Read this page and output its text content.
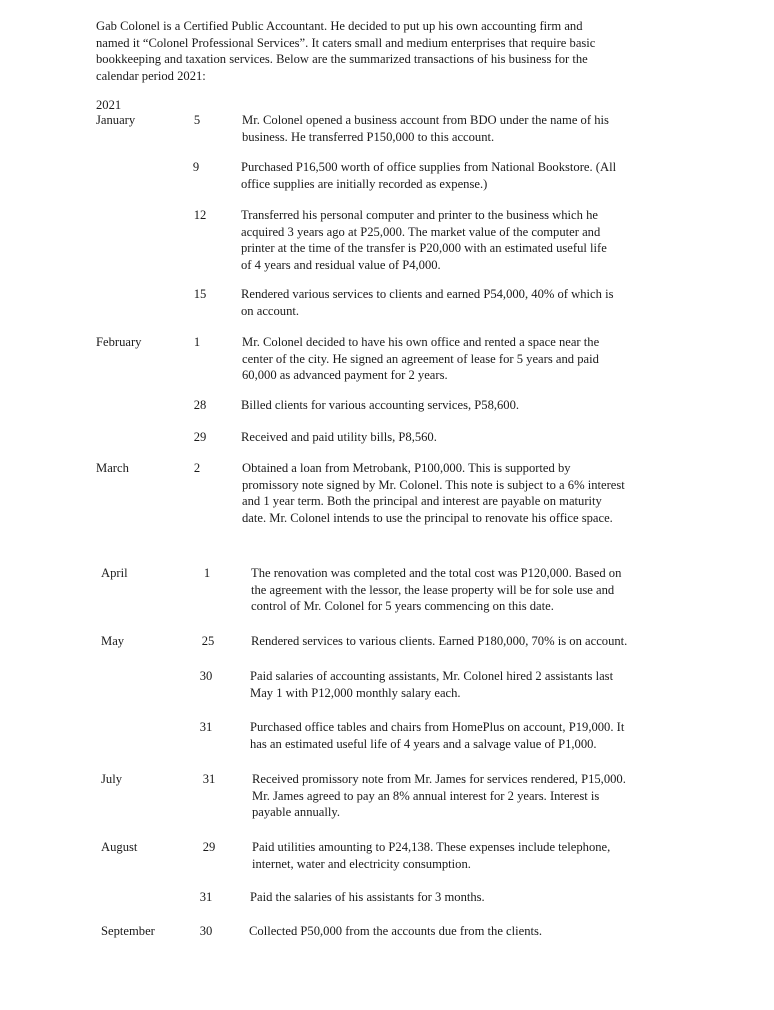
Gab Colonel is a Certified Public Accountant. He decided to put up his own accounting firm and
named it “Colonel Professional Services”. It caters small and medium enterprises that require basic
bookkeeping and taxation services. Below are the summarized transactions of his business for the
calendar period 2021:
2021
January	5	Mr. Colonel opened a business account from BDO under the name of his
business. He transferred P150,000 to this account.
9	Purchased P16,500 worth of office supplies from National Bookstore. (All
office supplies are initially recorded as expense.)
12	Transferred his personal computer and printer to the business which he
acquired 3 years ago at P25,000. The market value of the computer and
printer at the time of the transfer is P20,000 with an estimated useful life
of 4 years and residual value of P4,000.
15	Rendered various services to clients and earned P54,000, 40% of which is
on account.
February	1	Mr. Colonel decided to have his own office and rented a space near the
center of the city. He signed an agreement of lease for 5 years and paid
60,000 as advanced payment for 2 years.
28	Billed clients for various accounting services, P58,600.
29	Received and paid utility bills, P8,560.
March	2	Obtained a loan from Metrobank, P100,000. This is supported by
promissory note signed by Mr. Colonel. This note is subject to a 6% interest
and 1 year term. Both the principal and interest are payable on maturity
date. Mr. Colonel intends to use the principal to renovate his office space.
April	1	The renovation was completed and the total cost was P120,000. Based on
the agreement with the lessor, the lease property will be for sole use and
control of Mr. Colonel for 5 years commencing on this date.
May	25	Rendered services to various clients. Earned P180,000, 70% is on account.
30	Paid salaries of accounting assistants, Mr. Colonel hired 2 assistants last
May 1 with P12,000 monthly salary each.
31	Purchased office tables and chairs from HomePlus on account, P19,000. It
has an estimated useful life of 4 years and a salvage value of P1,000.
July	31	Received promissory note from Mr. James for services rendered, P15,000.
Mr. James agreed to pay an 8% annual interest for 2 years. Interest is
payable annually.
August	29	Paid utilities amounting to P24,138. These expenses include telephone,
internet, water and electricity consumption.
31	Paid the salaries of his assistants for 3 months.
September	30	Collected P50,000 from the accounts due from the clients.
